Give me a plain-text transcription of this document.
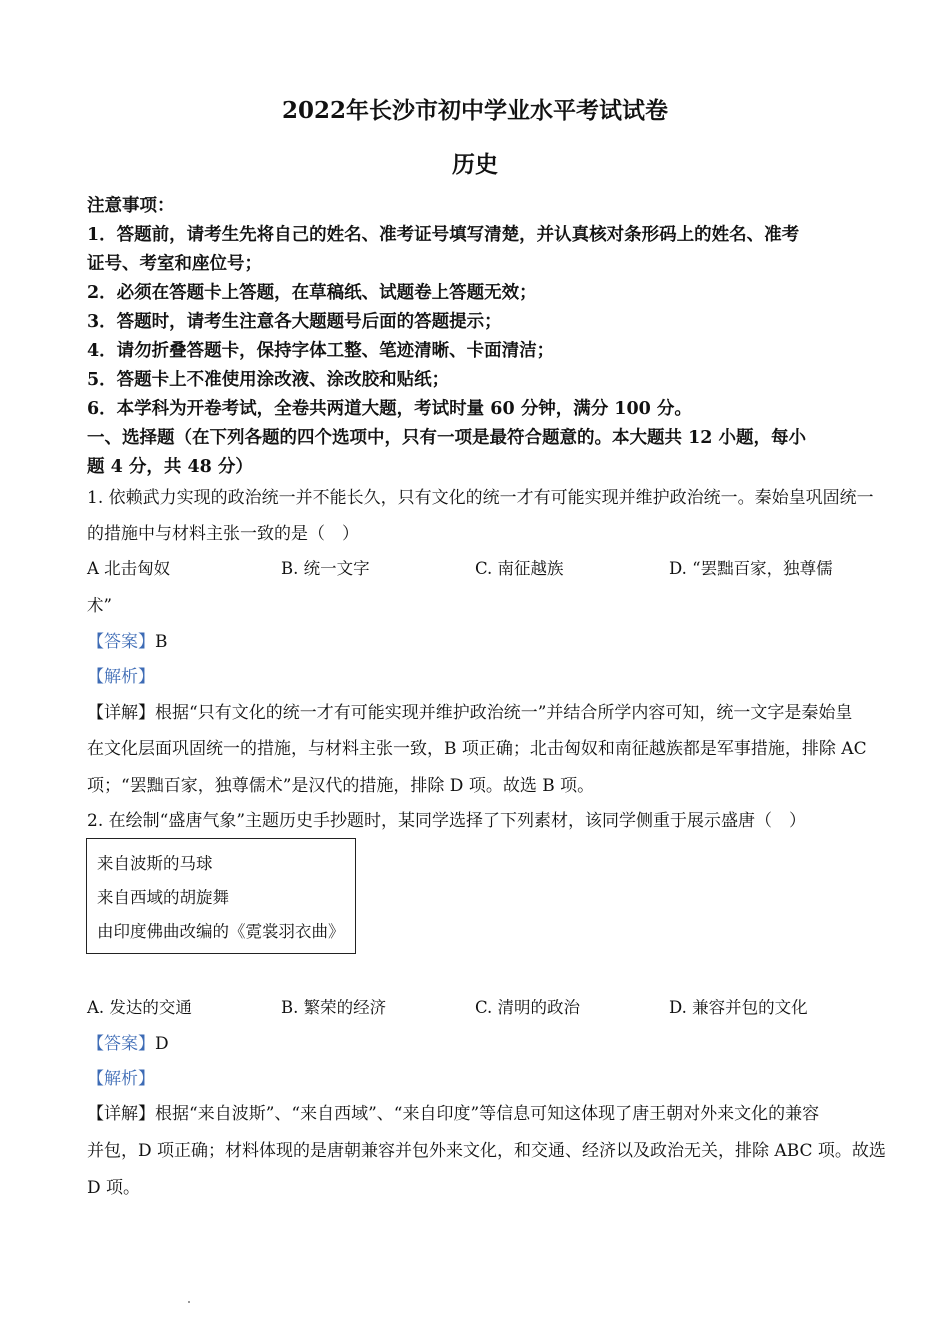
2022年长沙市初中学业水平考试试卷
历史
注意事项：
1．答题前，请考生先将自己的姓名、准考证号填写清楚，并认真核对条形码上的姓名、准考
证号、考室和座位号；
2．必须在答题卡上答题，在草稿纸、试题卷上答题无效；
3．答题时，请考生注意各大题题号后面的答题提示；
4．请勿折叠答题卡，保持字体工整、笔迹清晰、卡面清洁；
5．答题卡上不准使用涂改液、涂改胶和贴纸；
6．本学科为开卷考试，全卷共两道大题，考试时量 60 分钟，满分 100 分。
一、选择题（在下列各题的四个选项中，只有一项是最符合题意的。本大题共 12 小题，每小
题 4 分，共 48 分）
1. 依赖武力实现的政治统一并不能长久，只有文化的统一才有可能实现并维护政治统一。秦始皇巩固统一
的措施中与材料主张一致的是（　）
A 北击匈奴	B. 统一文字	C. 南征越族	D. “罢黜百家，独尊儒
术”
【答案】B
【解析】
【详解】根据“只有文化的统一才有可能实现并维护政治统一”并结合所学内容可知，统一文字是秦始皇
在文化层面巩固统一的措施，与材料主张一致，B 项正确；北击匈奴和南征越族都是军事措施，排除 AC
项；“罢黜百家，独尊儒术”是汉代的措施，排除 D 项。故选 B 项。
2. 在绘制“盛唐气象”主题历史手抄题时，某同学选择了下列素材，该同学侧重于展示盛唐（　）
来自波斯的马球
来自西域的胡旋舞
由印度佛曲改编的《霓裳羽衣曲》
A. 发达的交通	B. 繁荣的经济	C. 清明的政治	D. 兼容并包的文化
【答案】D
【解析】
【详解】根据“来自波斯”、“来自西域”、“来自印度”等信息可知这体现了唐王朝对外来文化的兼容
并包，D 项正确；材料体现的是唐朝兼容并包外来文化，和交通、经济以及政治无关，排除 ABC 项。故选
D 项。
